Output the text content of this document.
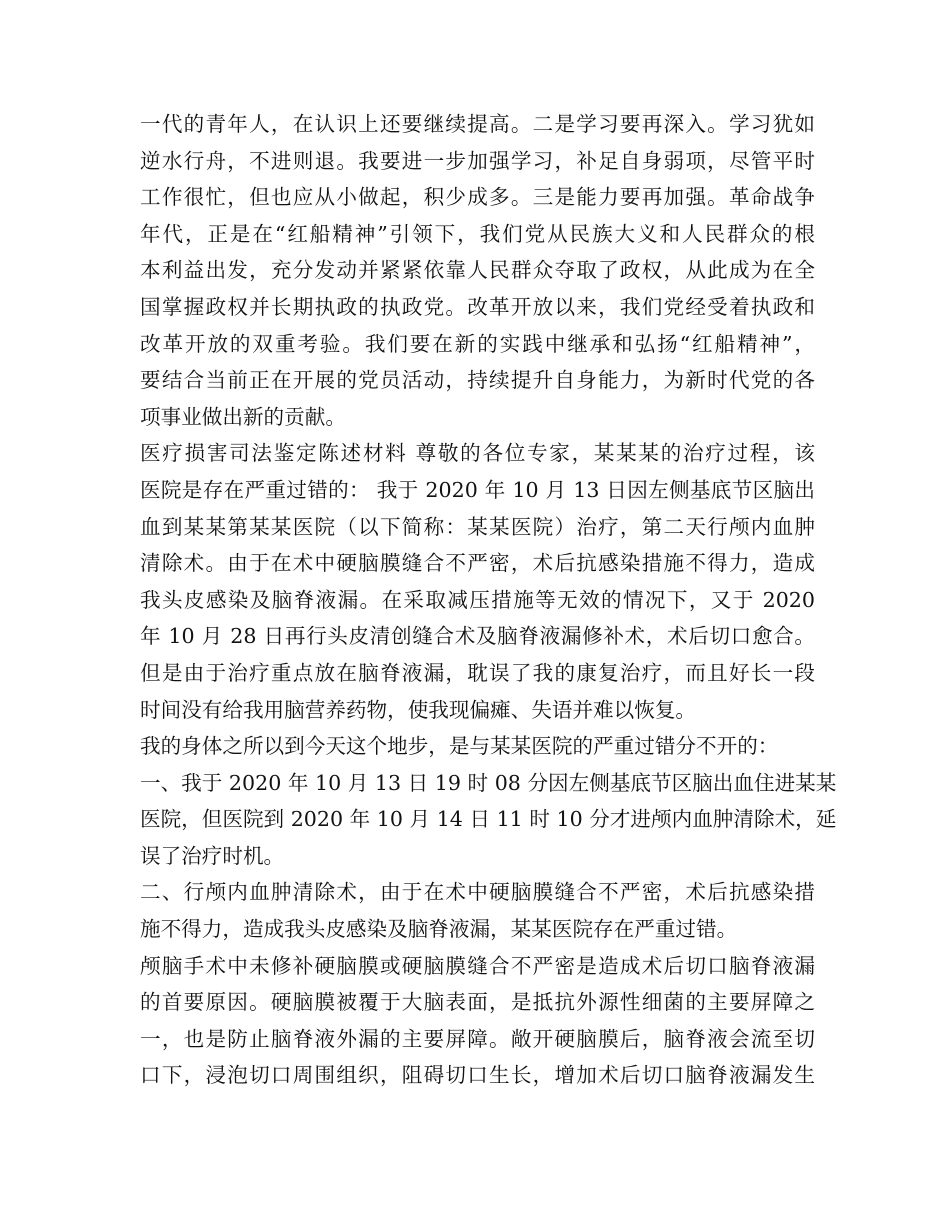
一代的青年人，在认识上还要继续提高。二是学习要再深入。学习犹如
逆水行舟，不进则退。我要进一步加强学习，补足自身弱项，尽管平时
工作很忙，但也应从小做起，积少成多。三是能力要再加强。革命战争
年代，正是在“红船精神”引领下，我们党从民族大义和人民群众的根
本利益出发，充分发动并紧紧依靠人民群众夺取了政权，从此成为在全
国掌握政权并长期执政的执政党。改革开放以来，我们党经受着执政和
改革开放的双重考验。我们要在新的实践中继承和弘扬“红船精神”，
要结合当前正在开展的党员活动，持续提升自身能力，为新时代党的各
项事业做出新的贡献。
医疗损害司法鉴定陈述材料 尊敬的各位专家，某某某的治疗过程，该
医院是存在严重过错的： 我于 2020 年 10 月 13 日因左侧基底节区脑出
血到某某第某某医院（以下简称：某某医院）治疗，第二天行颅内血肿
清除术。由于在术中硬脑膜缝合不严密，术后抗感染措施不得力，造成
我头皮感染及脑脊液漏。在采取减压措施等无效的情况下，又于 2020
年 10 月 28 日再行头皮清创缝合术及脑脊液漏修补术，术后切口愈合。
但是由于治疗重点放在脑脊液漏，耽误了我的康复治疗，而且好长一段
时间没有给我用脑营养药物，使我现偏瘫、失语并难以恢复。
我的身体之所以到今天这个地步，是与某某医院的严重过错分不开的：
一、我于 2020 年 10 月 13 日 19 时 08 分因左侧基底节区脑出血住进某某
医院，但医院到 2020 年 10 月 14 日 11 时 10 分才进颅内血肿清除术，延
误了治疗时机。
二、行颅内血肿清除术，由于在术中硬脑膜缝合不严密，术后抗感染措
施不得力，造成我头皮感染及脑脊液漏，某某医院存在严重过错。
颅脑手术中未修补硬脑膜或硬脑膜缝合不严密是造成术后切口脑脊液漏
的首要原因。硬脑膜被覆于大脑表面，是抵抗外源性细菌的主要屏障之
一，也是防止脑脊液外漏的主要屏障。敞开硬脑膜后，脑脊液会流至切
口下，浸泡切口周围组织，阻碍切口生长，增加术后切口脑脊液漏发生
